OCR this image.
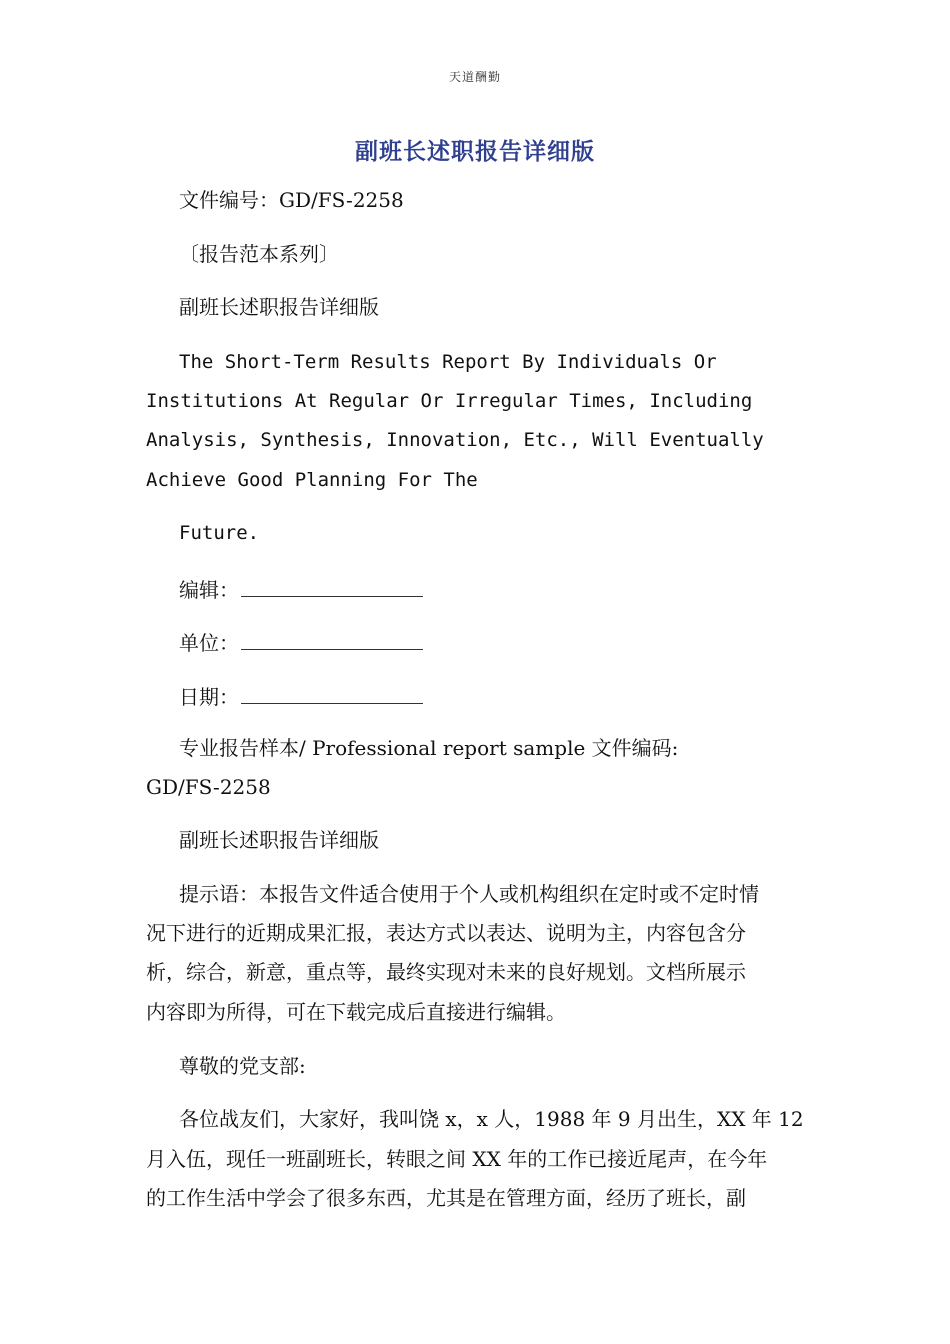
天道酬勤
副班长述职报告详细版
文件编号：GD/FS-2258
〔报告范本系列〕
副班长述职报告详细版
The Short-Term Results Report By Individuals Or
Institutions At Regular Or Irregular Times, Including
Analysis, Synthesis, Innovation, Etc., Will Eventually
Achieve Good Planning For The
Future.
编辑：
单位：
日期：
专业报告样本/ Professional report sample 文件编码:
GD/FS-2258
副班长述职报告详细版
提示语：本报告文件适合使用于个人或机构组织在定时或不定时情
况下进行的近期成果汇报，表达方式以表达、说明为主，内容包含分
析，综合，新意，重点等，最终实现对未来的良好规划。文档所展示
内容即为所得，可在下载完成后直接进行编辑。
尊敬的党支部:
各位战友们，大家好，我叫饶 x，x 人，1988 年 9 月出生，XX 年 12
月入伍，现任一班副班长，转眼之间 XX 年的工作已接近尾声，在今年
的工作生活中学会了很多东西，尤其是在管理方面，经历了班长，副
